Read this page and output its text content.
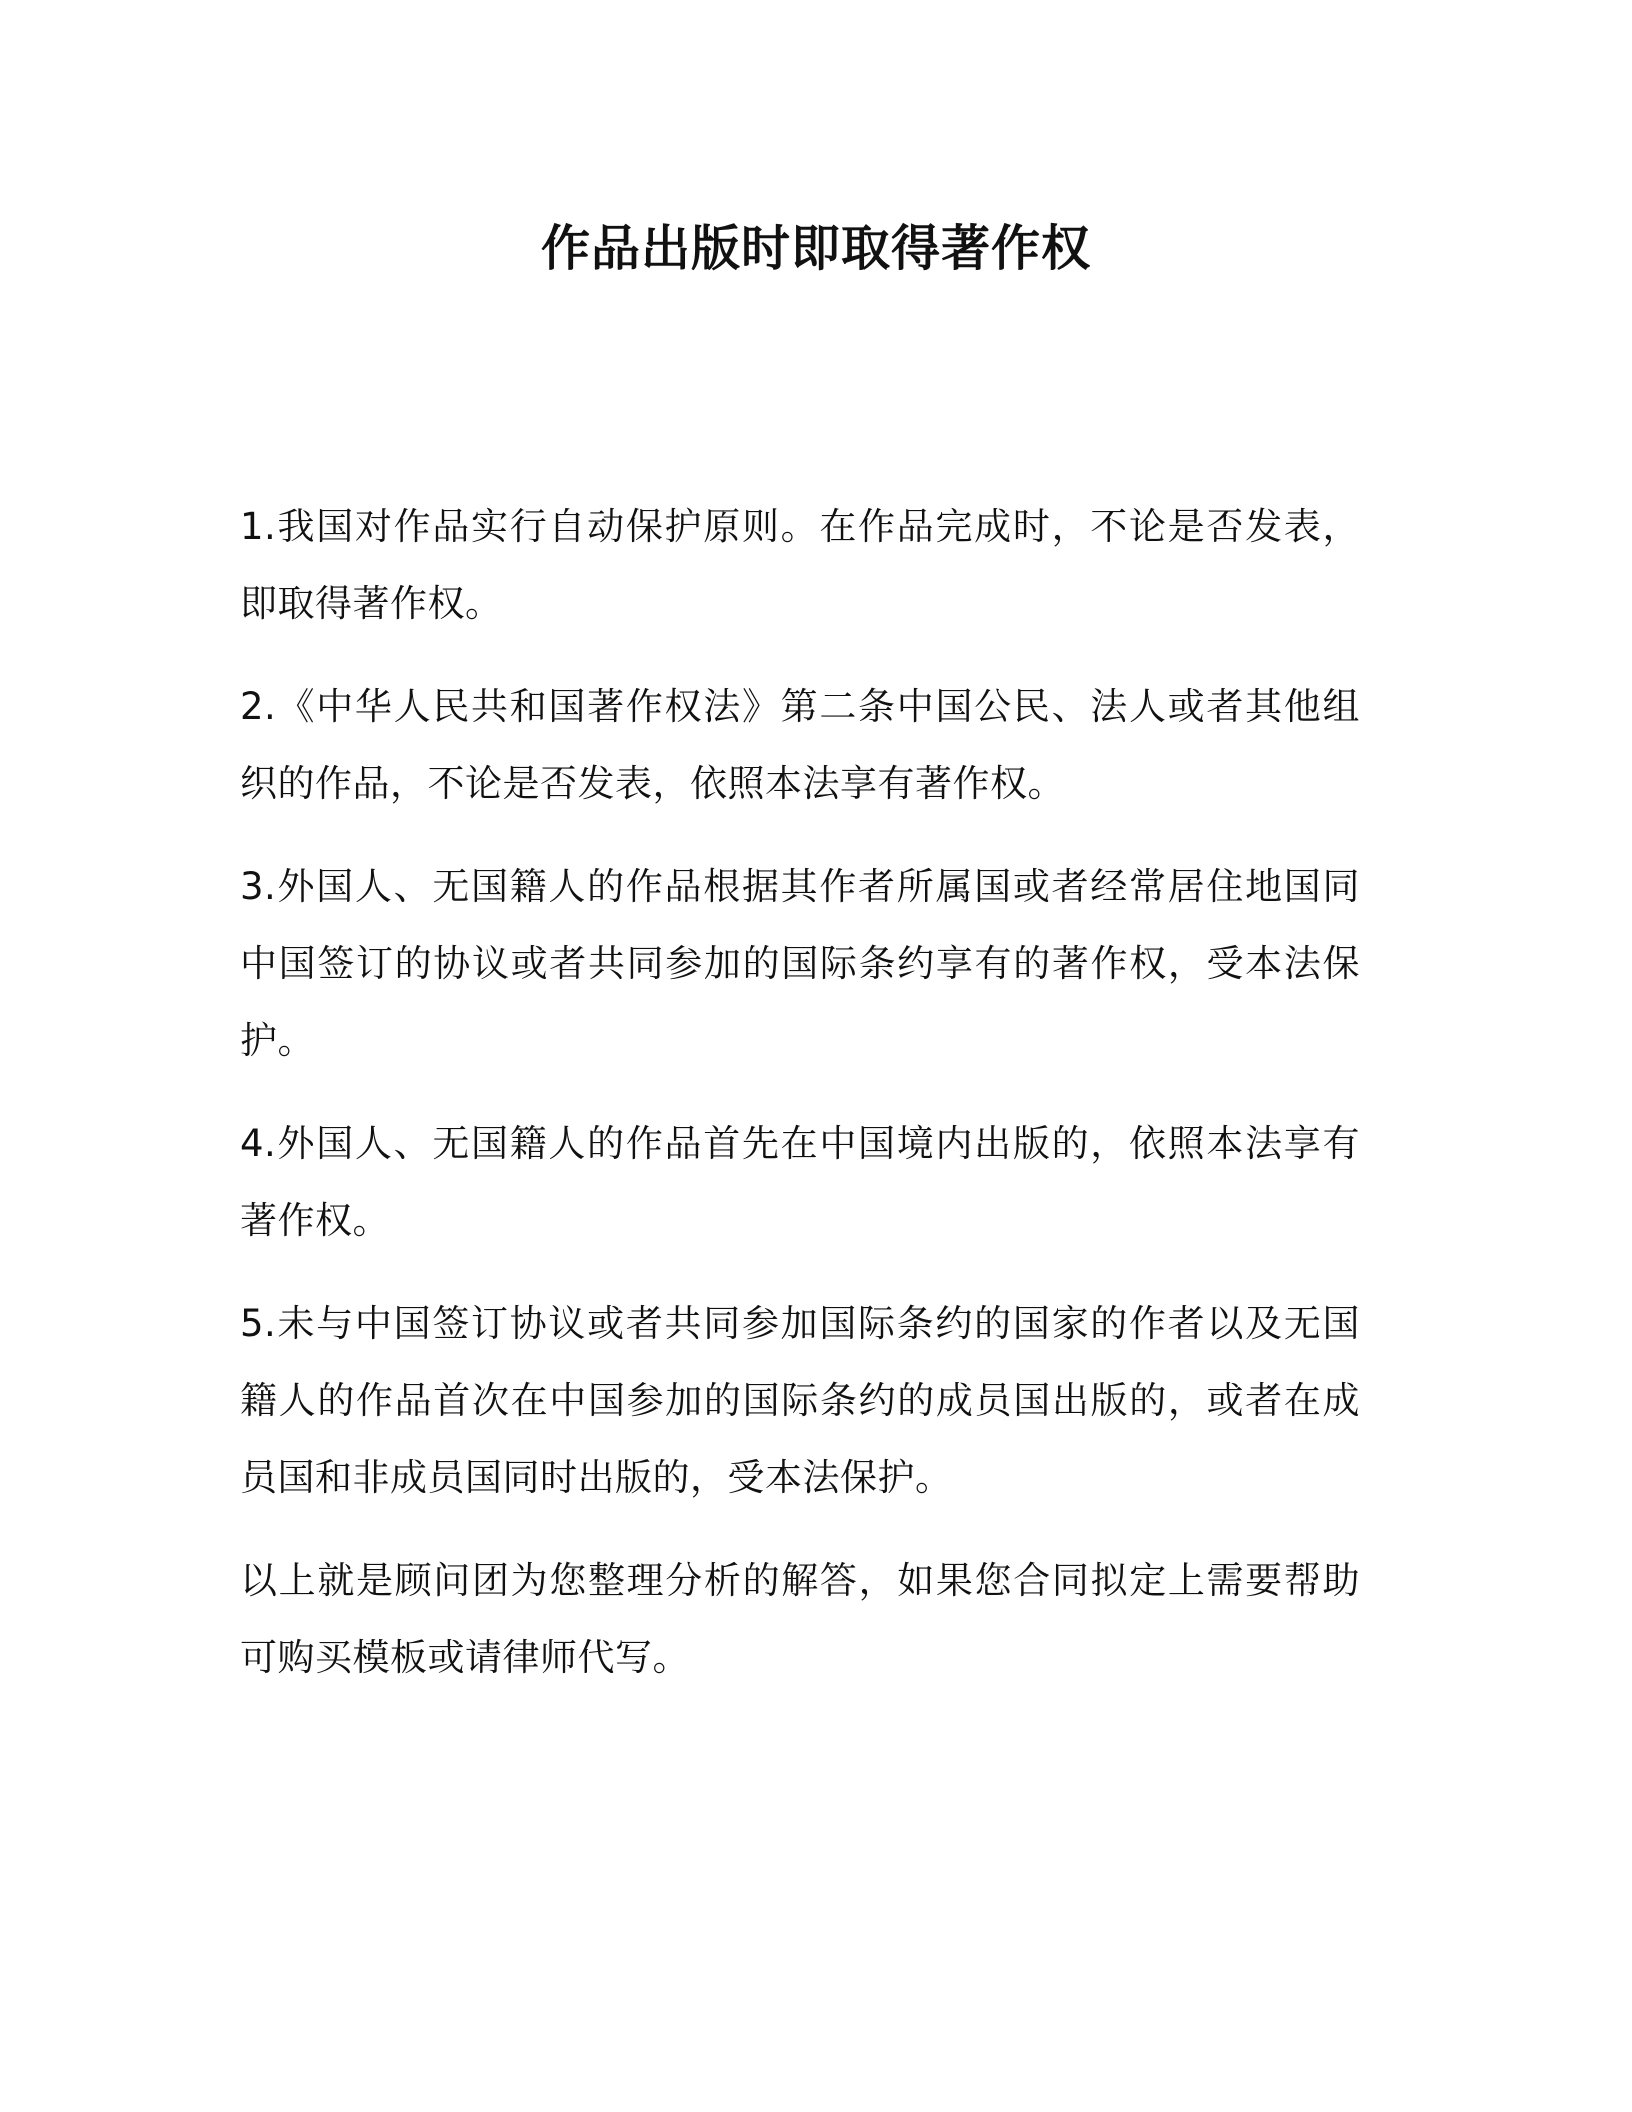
作品出版时即取得著作权

1.我国对作品实行自动保护原则。在作品完成时，不论是否发表，即取得著作权。

2.《中华人民共和国著作权法》第二条中国公民、法人或者其他组织的作品，不论是否发表，依照本法享有著作权。

3.外国人、无国籍人的作品根据其作者所属国或者经常居住地国同中国签订的协议或者共同参加的国际条约享有的著作权，受本法保护。

4.外国人、无国籍人的作品首先在中国境内出版的，依照本法享有著作权。

5.未与中国签订协议或者共同参加国际条约的国家的作者以及无国籍人的作品首次在中国参加的国际条约的成员国出版的，或者在成员国和非成员国同时出版的，受本法保护。

以上就是顾问团为您整理分析的解答，如果您合同拟定上需要帮助可购买模板或请律师代写。
